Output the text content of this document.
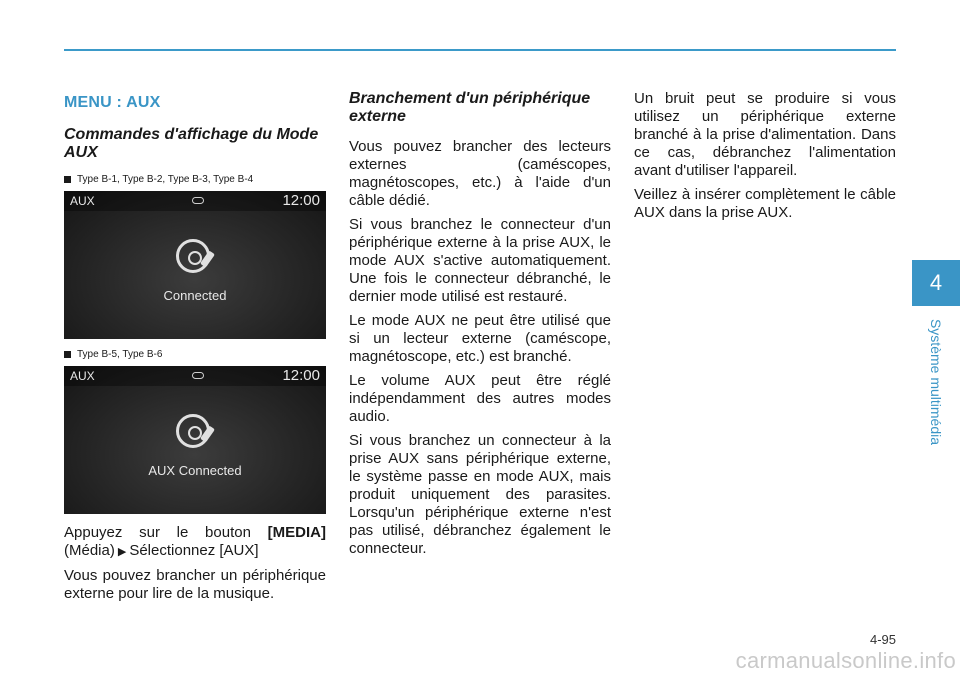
MENU : AUX
Commandes d'affichage du Mode AUX
Type B-1, Type B-2, Type B-3, Type B-4
AUX	12:00
Connected
Type B-5, Type B-6
AUX	12:00
AUX Connected

Appuyez sur le bouton [MEDIA] (Média) ▶ Sélectionnez [AUX]

Vous pouvez brancher un périphérique externe pour lire de la musique.

Branchement d'un périphérique externe

Vous pouvez brancher des lecteurs externes (caméscopes, magnétoscopes, etc.) à l'aide d'un câble dédié.

Si vous branchez le connecteur d'un périphérique externe à la prise AUX, le mode AUX s'active automatiquement. Une fois le connecteur débranché, le dernier mode utilisé est restauré.

Le mode AUX ne peut être utilisé que si un lecteur externe (caméscope, magnétoscope, etc.) est branché.

Le volume AUX peut être réglé indépendamment des autres modes audio.

Si vous branchez un connecteur à la prise AUX sans périphérique externe, le système passe en mode AUX, mais produit uniquement des parasites. Lorsqu'un périphérique externe n'est pas utilisé, débranchez également le connecteur.

Un bruit peut se produire si vous utilisez un périphérique externe branché à la prise d'alimentation. Dans ce cas, débranchez l'alimentation avant d'utiliser l'appareil.

Veillez à insérer complètement le câble AUX dans la prise AUX.

4
Système multimédia
4-95
carmanualsonline.info
